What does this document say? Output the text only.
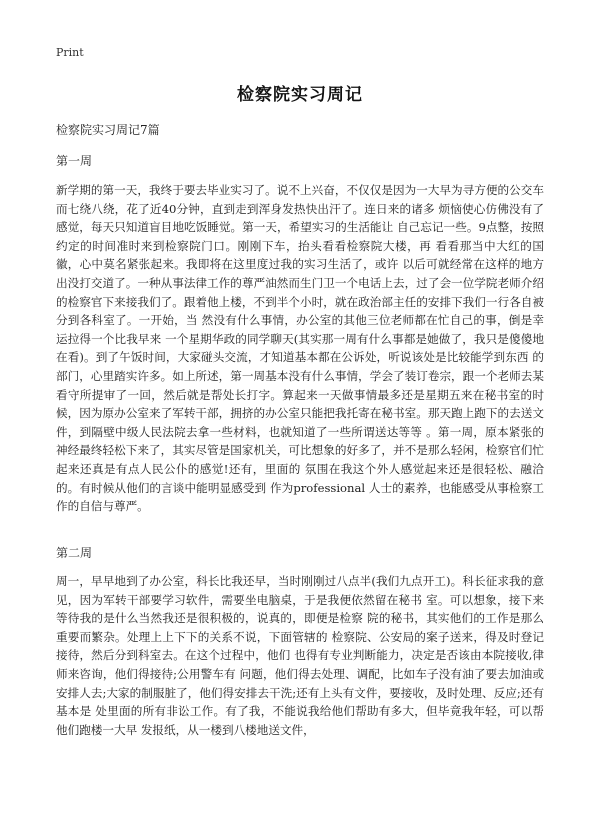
Print
检察院实习周记
检察院实习周记7篇
第一周
新学期的第一天，我终于要去毕业实习了。说不上兴奋，不仅仅是因为一大早为寻方便的公交车而七绕八绕，花了近40分钟，直到走到浑身发热快出汗了。连日来的诸多 烦恼使心仿佛没有了感觉，每天只知道盲目地吃饭睡觉。第一天，希望实习的生活能让 自己忘记一些。9点整，按照约定的时间准时来到检察院门口。刚刚下车，抬头看看检察院大楼，再 看看那当中大红的国徽，心中莫名紧张起来。我即将在这里度过我的实习生活了，或许 以后可就经常在这样的地方出没打交道了。一种从事法律工作的尊严油然而生门卫一个电话上去，过了会一位学院老师介绍的检察官下来接我们了。跟着他上楼，不到半个小时，就在政治部主任的安排下我们一行各自被分到各科室了。一开始，当 然没有什么事情，办公室的其他三位老师都在忙自己的事，倒是幸运拉得一个比我早来 一个星期华政的同学聊天(其实那一周有什么事都是她做了，我只是傻傻地在看)。到了午饭时间，大家碰头交流，才知道基本都在公诉处，听说该处是比较能学到东西 的部门，心里踏实许多。如上所述，第一周基本没有什么事情，学会了装订卷宗，跟一个老师去某看守所提审了一回，然后就是帮处长打字。算起来一天做事情最多还是星期五来在秘书室的时候，因为原办公室来了军转干部，拥挤的办公室只能把我托寄在秘书室。那天跑上跑下的去送文件，到隔壁中级人民法院去拿一些材料，也就知道了一些所谓送达等等 。第一周，原本紧张的神经最终轻松下来了，其实尽管是国家机关，可比想象的好多了，并不是那么轻闲，检察官们忙起来还真是有点人民公仆的感觉!还有，里面的 氛围在我这个外人感觉起来还是很轻松、融洽的。有时候从他们的言谈中能明显感受到 作为professional 人士的素养，也能感受从事检察工作的自信与尊严。
第二周
周一，早早地到了办公室，科长比我还早，当时刚刚过八点半(我们九点开工)。科长征求我的意见，因为军转干部要学习软件，需要坐电脑桌，于是我便依然留在秘书 室。可以想象，接下来等待我的是什么当然我还是很积极的，说真的，即便是检察 院的秘书，其实他们的工作是那么重要而繁杂。处理上上下下的关系不说，下面管辖的 检察院、公安局的案子送来，得及时登记接待，然后分到科室去。在这个过程中，他们 也得有专业判断能力，决定是否该由本院接收,律师来咨询，他们得接待;公用警车有 问题，他们得去处理、调配，比如车子没有油了要去加油或安排人去;大家的制服脏了，他们得安排去干洗;还有上头有文件，要接收，及时处理、反应;还有基本是 处里面的所有非讼工作。有了我，不能说我给他们帮助有多大，但毕竟我年轻，可以帮他们跑楼一大早 发报纸，从一楼到八楼地送文件，
